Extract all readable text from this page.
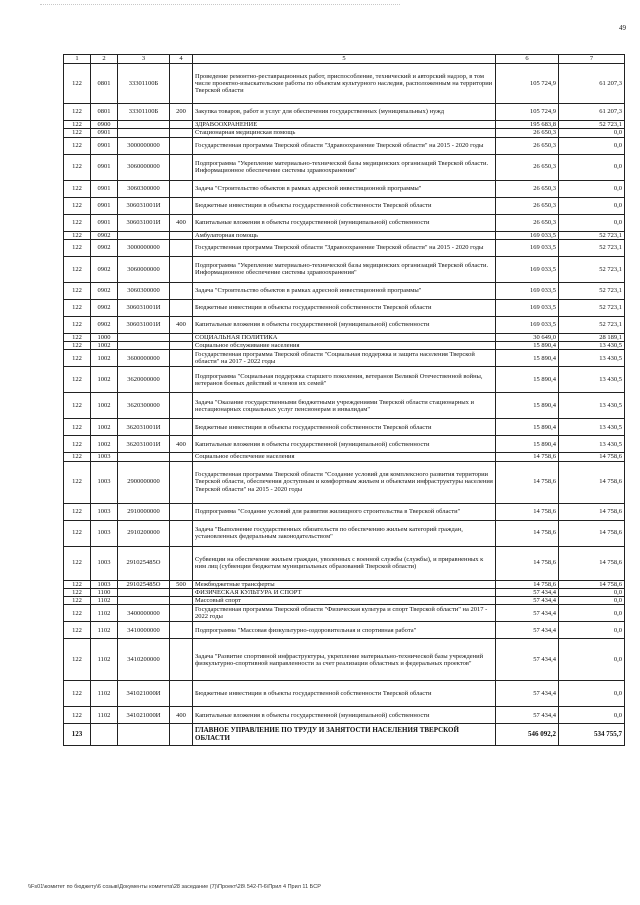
49
1	2	3	4	5	6	7
122	0801	33301100Б		Проведение ремонтно-реставрационных работ, приспособление, технический и авторский надзор, в том числе проектно-изыскательские работы по объектам культурного наследия, расположенным на территории Тверской области	105 724,9	61 207,3
122	0801	33301100Б	200	Закупка товаров, работ и услуг для обеспечения государственных (муниципальных) нужд	105 724,9	61 207,3
122	0900			ЗДРАВООХРАНЕНИЕ	195 683,8	52 723,1
122	0901			Стационарная медицинская помощь	26 650,3	0,0
122	0901	3000000000		Государственная программа Тверской области "Здравоохранение Тверской области" на 2015 - 2020 годы	26 650,3	0,0
122	0901	3060000000		Подпрограмма "Укрепление материально-технической базы медицинских организаций Тверской области. Информационное обеспечение системы здравоохранения"	26 650,3	0,0
122	0901	3060300000		Задача "Строительство объектов в рамках адресной инвестиционной программы"	26 650,3	0,0
122	0901	306031001И		Бюджетные инвестиции в объекты государственной собственности Тверской области	26 650,3	0,0
122	0901	306031001И	400	Капитальные вложения в объекты государственной (муниципальной) собственности	26 650,3	0,0
122	0902			Амбулаторная помощь	169 033,5	52 723,1
122	0902	3000000000		Государственная программа Тверской области "Здравоохранение Тверской области" на 2015 - 2020 годы	169 033,5	52 723,1
122	0902	3060000000		Подпрограмма "Укрепление материально-технической базы медицинских организаций Тверской области. Информационное обеспечение системы здравоохранения"	169 033,5	52 723,1
122	0902	3060300000		Задача "Строительство объектов в рамках адресной инвестиционной программы"	169 033,5	52 723,1
122	0902	306031001И		Бюджетные инвестиции в объекты государственной собственности Тверской области	169 033,5	52 723,1
122	0902	306031001И	400	Капитальные вложения в объекты государственной (муниципальной) собственности	169 033,5	52 723,1
122	1000			СОЦИАЛЬНАЯ ПОЛИТИКА	30 649,0	28 189,1
122	1002			Социальное обслуживание населения	15 890,4	13 430,5
122	1002	3600000000		Государственная программа Тверской области "Социальная поддержка и защита населения Тверской области" на 2017 - 2022 годы	15 890,4	13 430,5
122	1002	3620000000		Подпрограмма "Социальная поддержка старшего поколения, ветеранов Великой Отечественной войны, ветеранов боевых действий и членов их семей"	15 890,4	13 430,5
122	1002	3620300000		Задача "Оказание государственными бюджетными учреждениями Тверской области стационарных и нестационарных социальных услуг пенсионерам и инвалидам"	15 890,4	13 430,5
122	1002	362031001И		Бюджетные инвестиции в объекты государственной собственности Тверской области	15 890,4	13 430,5
122	1002	362031001И	400	Капитальные вложения в объекты государственной (муниципальной) собственности	15 890,4	13 430,5
122	1003			Социальное обеспечение населения	14 758,6	14 758,6
122	1003	2900000000		Государственная программа Тверской области "Создание условий для комплексного развития территории Тверской области, обеспечения доступным и комфортным жильем и объектами инфраструктуры населения Тверской области" на 2015 - 2020 годы	14 758,6	14 758,6
122	1003	2910000000		Подпрограмма "Создание условий для развития жилищного строительства в Тверской области"	14 758,6	14 758,6
122	1003	2910200000		Задача "Выполнение государственных обязательств по обеспечению жильем категорий граждан, установленных федеральным законодательством"	14 758,6	14 758,6
122	1003	291025485О		Субвенции на обеспечение жильем граждан, уволенных с военной службы (службы), и приравненных к ним лиц (субвенции бюджетам муниципальных образований Тверской области)	14 758,6	14 758,6
122	1003	291025485О	500	Межбюджетные трансферты	14 758,6	14 758,6
122	1100			ФИЗИЧЕСКАЯ КУЛЬТУРА И СПОРТ	57 434,4	0,0
122	1102			Массовый спорт	57 434,4	0,0
122	1102	3400000000		Государственная программа Тверской области "Физическая культура и спорт Тверской области" на 2017 - 2022 годы	57 434,4	0,0
122	1102	3410000000		Подпрограмма "Массовая физкультурно-оздоровительная и спортивная работа"	57 434,4	0,0
122	1102	3410200000		Задача "Развитие спортивной инфраструктуры, укрепление материально-технической базы учреждений физкультурно-спортивной направленности за счет реализации областных и федеральных проектов"	57 434,4	0,0
122	1102	341021000И		Бюджетные инвестиции в объекты государственной собственности Тверской области	57 434,4	0,0
122	1102	341021000И	400	Капитальные вложения в объекты государственной (муниципальной) собственности	57 434,4	0,0
123				ГЛАВНОЕ УПРАВЛЕНИЕ ПО ТРУДУ И ЗАНЯТОСТИ НАСЕЛЕНИЯ ТВЕРСКОЙ ОБЛАСТИ	546 092,2	534 755,7
\\Fs01\комитет по бюджету\6 созыв\Документы комитета\28 заседание (7)\Проект\28\ 542-П-6\Прил 4 Прил 11 БСР
